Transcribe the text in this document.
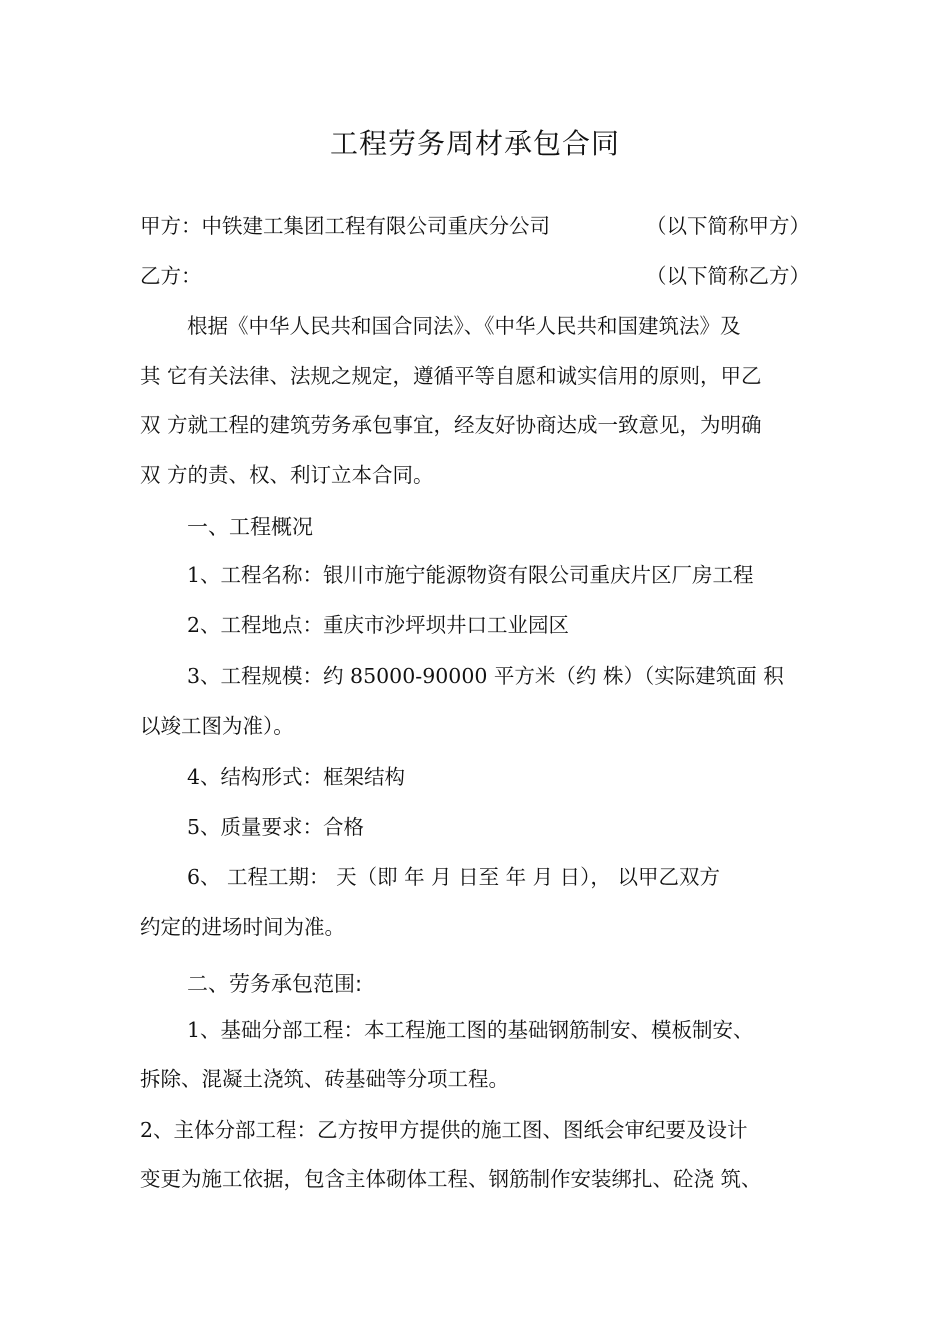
工程劳务周材承包合同
甲方：中铁建工集团工程有限公司重庆分公司	（以下简称甲方）
乙方：	（以下简称乙方）
根据《中华人民共和国合同法》、《中华人民共和国建筑法》及
其 它有关法律、法规之规定，遵循平等自愿和诚实信用的原则，甲乙
双 方就工程的建筑劳务承包事宜，经友好协商达成一致意见，为明确
双 方的责、权、利订立本合同。
一、工程概况
1、工程名称：银川市施宁能源物资有限公司重庆片区厂房工程
2、工程地点：重庆市沙坪坝井口工业园区
3、工程规模：约 85000-90000 平方米（约 株）（实际建筑面 积
以竣工图为准）。
4、结构形式：框架结构
5、质量要求：合格
6、 工程工期： 天（即 年 月 日至 年 月 日）， 以甲乙双方
约定的进场时间为准。
二、劳务承包范围:
1、基础分部工程：本工程施工图的基础钢筋制安、模板制安、
拆除、混凝土浇筑、砖基础等分项工程。
2、主体分部工程：乙方按甲方提供的施工图、图纸会审纪要及设计
变更为施工依据，包含主体砌体工程、钢筋制作安装绑扎、砼浇 筑、
